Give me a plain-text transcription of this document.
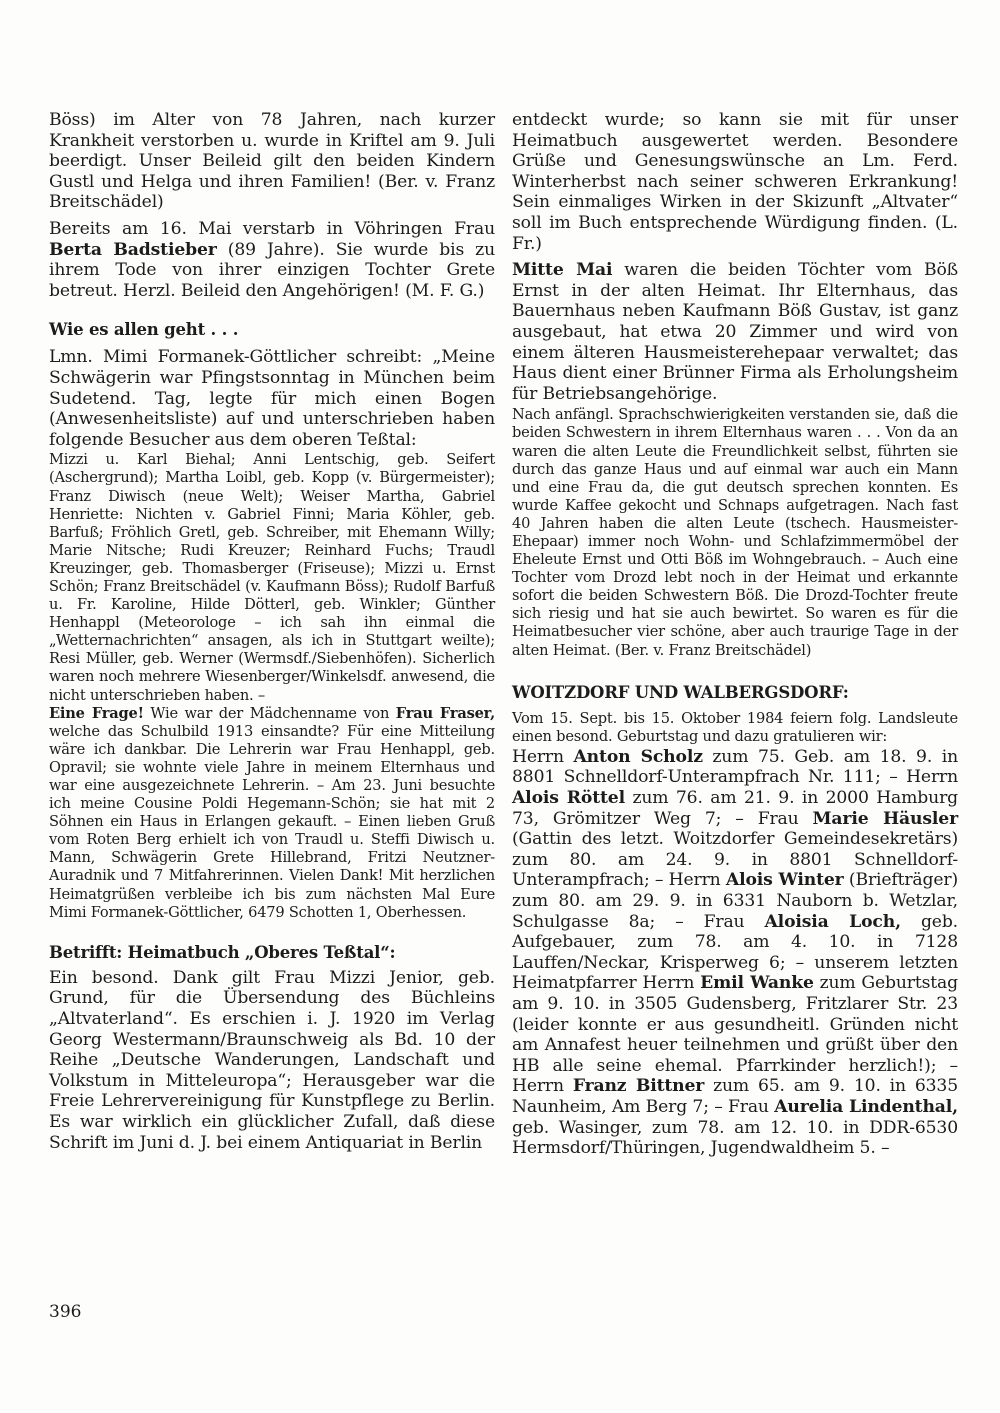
Böss) im Alter von 78 Jahren, nach kurzer Krankheit verstorben u. wurde in Kriftel am 9. Juli beerdigt. Unser Beileid gilt den beiden Kindern Gustl und Helga und ihren Familien! (Ber. v. Franz Breitschädel)

Bereits am 16. Mai verstarb in Vöhringen Frau Berta Badstieber (89 Jahre). Sie wurde bis zu ihrem Tode von ihrer einzigen Tochter Grete betreut. Herzl. Beileid den Angehörigen! (M. F. G.)

Wie es allen geht . . .

Lmn. Mimi Formanek-Göttlicher schreibt: „Meine Schwägerin war Pfingstsonntag in München beim Sudetend. Tag, legte für mich einen Bogen (Anwesenheitsliste) auf und unterschrieben haben folgende Besucher aus dem oberen Teßtal:

Mizzi u. Karl Biehal; Anni Lentschig, geb. Seifert (Aschergrund); Martha Loibl, geb. Kopp (v. Bürgermeister); Franz Diwisch (neue Welt); Weiser Martha, Gabriel Henriette: Nichten v. Gabriel Finni; Maria Köhler, geb. Barfuß; Fröhlich Gretl, geb. Schreiber, mit Ehemann Willy; Marie Nitsche; Rudi Kreuzer; Reinhard Fuchs; Traudl Kreuzinger, geb. Thomasberger (Friseuse); Mizzi u. Ernst Schön; Franz Breitschädel (v. Kaufmann Böss); Rudolf Barfuß u. Fr. Karoline, Hilde Dötterl, geb. Winkler; Günther Henhappl (Meteorologe – ich sah ihn einmal die „Wetternachrichten“ ansagen, als ich in Stuttgart weilte); Resi Müller, geb. Werner (Wermsdf./Siebenhöfen). Sicherlich waren noch mehrere Wiesenberger/Winkelsdf. anwesend, die nicht unterschrieben haben. –

Eine Frage! Wie war der Mädchenname von Frau Fraser, welche das Schulbild 1913 einsandte? Für eine Mitteilung wäre ich dankbar. Die Lehrerin war Frau Henhappl, geb. Opravil; sie wohnte viele Jahre in meinem Elternhaus und war eine ausgezeichnete Lehrerin. – Am 23. Juni besuchte ich meine Cousine Poldi Hegemann-Schön; sie hat mit 2 Söhnen ein Haus in Erlangen gekauft. – Einen lieben Gruß vom Roten Berg erhielt ich von Traudl u. Steffi Diwisch u. Mann, Schwägerin Grete Hillebrand, Fritzi Neutzner-Auradnik und 7 Mitfahrerinnen. Vielen Dank! Mit herzlichen Heimatgrüßen verbleibe ich bis zum nächsten Mal Eure Mimi Formanek-Göttlicher, 6479 Schotten 1, Oberhessen.

Betrifft: Heimatbuch „Oberes Teßtal“:

Ein besond. Dank gilt Frau Mizzi Jenior, geb. Grund, für die Übersendung des Büchleins „Altvaterland“. Es erschien i. J. 1920 im Verlag Georg Westermann/Braunschweig als Bd. 10 der Reihe „Deutsche Wanderungen, Landschaft und Volkstum in Mitteleuropa“; Herausgeber war die Freie Lehrervereinigung für Kunstpflege zu Berlin. Es war wirklich ein glücklicher Zufall, daß diese Schrift im Juni d. J. bei einem Antiquariat in Berlin

entdeckt wurde; so kann sie mit für unser Heimatbuch ausgewertet werden. Besondere Grüße und Genesungswünsche an Lm. Ferd. Winterherbst nach seiner schweren Erkrankung! Sein einmaliges Wirken in der Skizunft „Altvater“ soll im Buch entsprechende Würdigung finden. (L. Fr.)

Mitte Mai waren die beiden Töchter vom Böß Ernst in der alten Heimat. Ihr Elternhaus, das Bauernhaus neben Kaufmann Böß Gustav, ist ganz ausgebaut, hat etwa 20 Zimmer und wird von einem älteren Hausmeisterehepaar verwaltet; das Haus dient einer Brünner Firma als Erholungsheim für Betriebsangehörige.

Nach anfängl. Sprachschwierigkeiten verstanden sie, daß die beiden Schwestern in ihrem Elternhaus waren . . . Von da an waren die alten Leute die Freundlichkeit selbst, führten sie durch das ganze Haus und auf einmal war auch ein Mann und eine Frau da, die gut deutsch sprechen konnten. Es wurde Kaffee gekocht und Schnaps aufgetragen. Nach fast 40 Jahren haben die alten Leute (tschech. Hausmeister-Ehepaar) immer noch Wohn- und Schlafzimmermöbel der Eheleute Ernst und Otti Böß im Wohngebrauch. – Auch eine Tochter vom Drozd lebt noch in der Heimat und erkannte sofort die beiden Schwestern Böß. Die Drozd-Tochter freute sich riesig und hat sie auch bewirtet. So waren es für die Heimatbesucher vier schöne, aber auch traurige Tage in der alten Heimat. (Ber. v. Franz Breitschädel)

WOITZDORF UND WALBERGSDORF:

Vom 15. Sept. bis 15. Oktober 1984 feiern folg. Landsleute einen besond. Geburtstag und dazu gratulieren wir:

Herrn Anton Scholz zum 75. Geb. am 18. 9. in 8801 Schnelldorf-Unterampfrach Nr. 111; – Herrn Alois Röttel zum 76. am 21. 9. in 2000 Hamburg 73, Grömitzer Weg 7; – Frau Marie Häusler (Gattin des letzt. Woitzdorfer Gemeindesekretärs) zum 80. am 24. 9. in 8801 Schnelldorf-Unterampfrach; – Herrn Alois Winter (Briefträger) zum 80. am 29. 9. in 6331 Nauborn b. Wetzlar, Schulgasse 8a; – Frau Aloisia Loch, geb. Aufgebauer, zum 78. am 4. 10. in 7128 Lauffen/Neckar, Krisperweg 6; – unserem letzten Heimatpfarrer Herrn Emil Wanke zum Geburtstag am 9. 10. in 3505 Gudensberg, Fritzlarer Str. 23 (leider konnte er aus gesundheitl. Gründen nicht am Annafest heuer teilnehmen und grüßt über den HB alle seine ehemal. Pfarrkinder herzlich!); – Herrn Franz Bittner zum 65. am 9. 10. in 6335 Naunheim, Am Berg 7; – Frau Aurelia Lindenthal, geb. Wasinger, zum 78. am 12. 10. in DDR-6530 Hermsdorf/Thüringen, Jugendwaldheim 5. –

396
